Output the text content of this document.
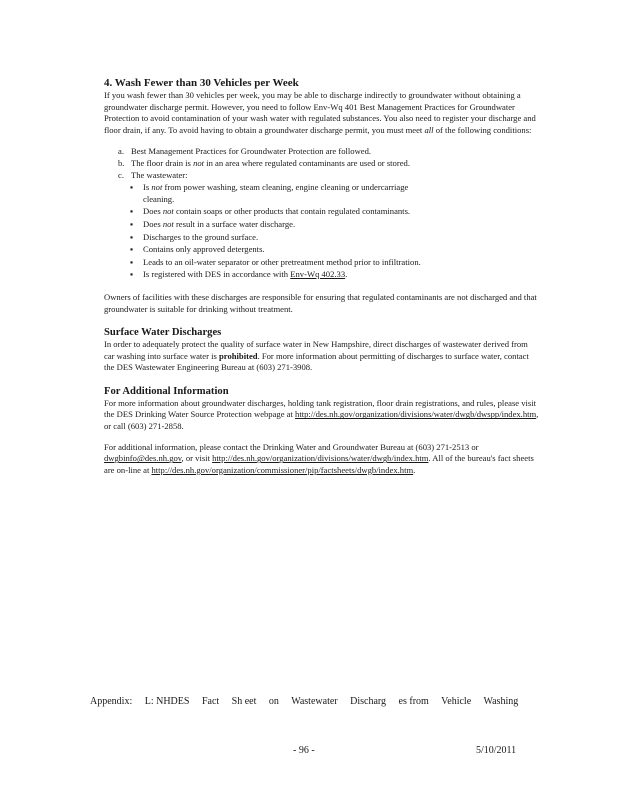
4. Wash Fewer than 30 Vehicles per Week

If you wash fewer than 30 vehicles per week, you may be able to discharge indirectly to groundwater without obtaining a groundwater discharge permit. However, you need to follow Env-Wq 401 Best Management Practices for Groundwater Protection to avoid contamination of your wash water with regulated substances. You also need to register your discharge and floor drain, if any. To avoid having to obtain a groundwater discharge permit, you must meet all of the following conditions:

a. Best Management Practices for Groundwater Protection are followed.
b. The floor drain is not in an area where regulated contaminants are used or stored.
c. The wastewater:
▪ Is not from power washing, steam cleaning, engine cleaning or undercarriage cleaning.
▪ Does not contain soaps or other products that contain regulated contaminants.
▪ Does not result in a surface water discharge.
▪ Discharges to the ground surface.
▪ Contains only approved detergents.
▪ Leads to an oil-water separator or other pretreatment method prior to infiltration.
▪ Is registered with DES in accordance with Env-Wq 402.33.

Owners of facilities with these discharges are responsible for ensuring that regulated contaminants are not discharged and that groundwater is suitable for drinking without treatment.

Surface Water Discharges

In order to adequately protect the quality of surface water in New Hampshire, direct discharges of wastewater derived from car washing into surface water is prohibited. For more information about permitting of discharges to surface water, contact the DES Wastewater Engineering Bureau at (603) 271-3908.

For Additional Information

For more information about groundwater discharges, holding tank registration, floor drain registrations, and rules, please visit the DES Drinking Water Source Protection webpage at http://des.nh.gov/organization/divisions/water/dwgb/dwspp/index.htm, or call (603) 271-2858.

For additional information, please contact the Drinking Water and Groundwater Bureau at (603) 271-2513 or dwgbinfo@des.nh.gov, or visit http://des.nh.gov/organization/divisions/water/dwgb/index.htm. All of the bureau's fact sheets are on-line at http://des.nh.gov/organization/commissioner/pip/factsheets/dwgb/index.htm.

Appendix: L: NHDES Fact Sh eet on Wastewater Discharg es from Vehicle Washing
- 96 -	5/10/2011
